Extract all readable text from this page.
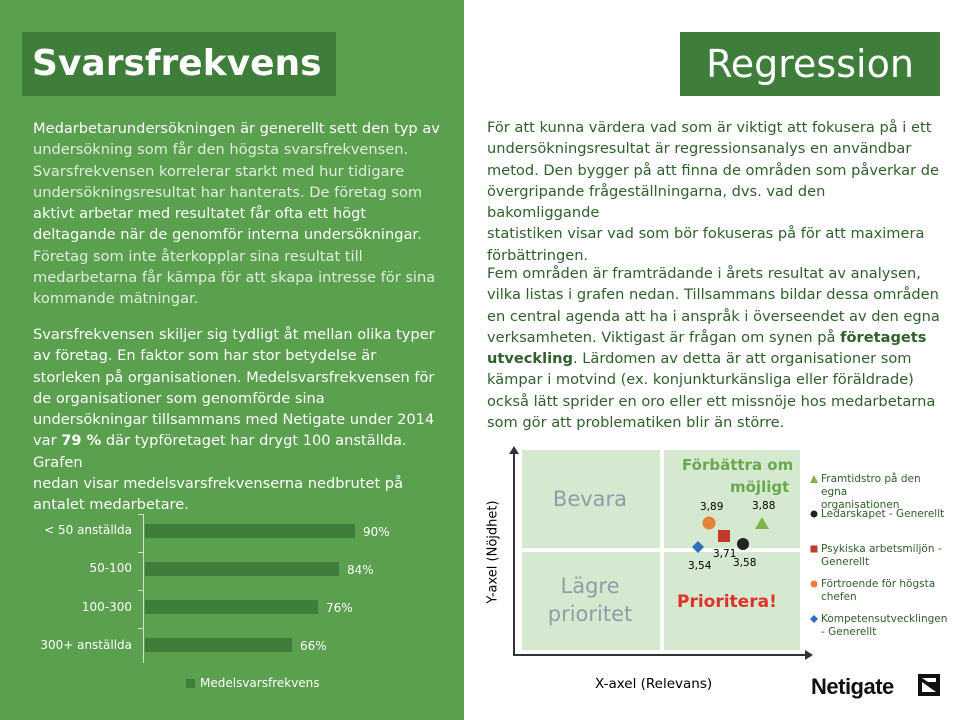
Svarsfrekvens	Regression
Medarbetarundersökningen är generellt sett den typ av
undersökning som får den högsta svarsfrekvensen.
Svarsfrekvensen korrelerar starkt med hur tidigare
undersökningsresultat har hanterats. De företag som
aktivt arbetar med resultatet får ofta ett högt
deltagande när de genomför interna undersökningar.
Företag som inte återkopplar sina resultat till
medarbetarna får kämpa för att skapa intresse för sina
kommande mätningar.
Svarsfrekvensen skiljer sig tydligt åt mellan olika typer
av företag. En faktor som har stor betydelse är
storleken på organisationen. Medelsvarsfrekvensen för
de organisationer som genomförde sina
undersökningar tillsammans med Netigate under 2014
var 79 % där typföretaget har drygt 100 anställda. Grafen
nedan visar medelsvarsfrekvenserna nedbrutet på
antalet medarbetare.
< 50 anställda	90%
50-100	84%
100-300	76%
300+ anställda	66%
Medelsvarsfrekvens
För att kunna värdera vad som är viktigt att fokusera på i ett
undersökningsresultat är regressionsanalys en användbar
metod. Den bygger på att finna de områden som påverkar de
övergripande frågeställningarna, dvs. vad den bakomliggande
statistiken visar vad som bör fokuseras på för att maximera
förbättringen.
Fem områden är framträdande i årets resultat av analysen,
vilka listas i grafen nedan. Tillsammans bildar dessa områden
en central agenda att ha i anspråk i överseendet av den egna
verksamheten. Viktigast är frågan om synen på företagets
utveckling. Lärdomen av detta är att organisationer som
kämpar i motvind (ex. konjunkturkänsliga eller föräldrade)
också lätt sprider en oro eller ett missnöje hos medarbetarna
som gör att problematiken blir än större.
Bevara
Förbättra om
möjligt
Lägre
prioritet	Prioritera!
Y-axel (Nöjdhet)
X-axel (Relevans)
3,88
3,58
3,71
3,89
3,54
Framtidstro på den egna
organisationen
Ledarskapet - Generellt
Psykiska arbetsmiljön -
Generellt
Förtroende för högsta
chefen
Kompetensutvecklingen
- Generellt
Netigate
